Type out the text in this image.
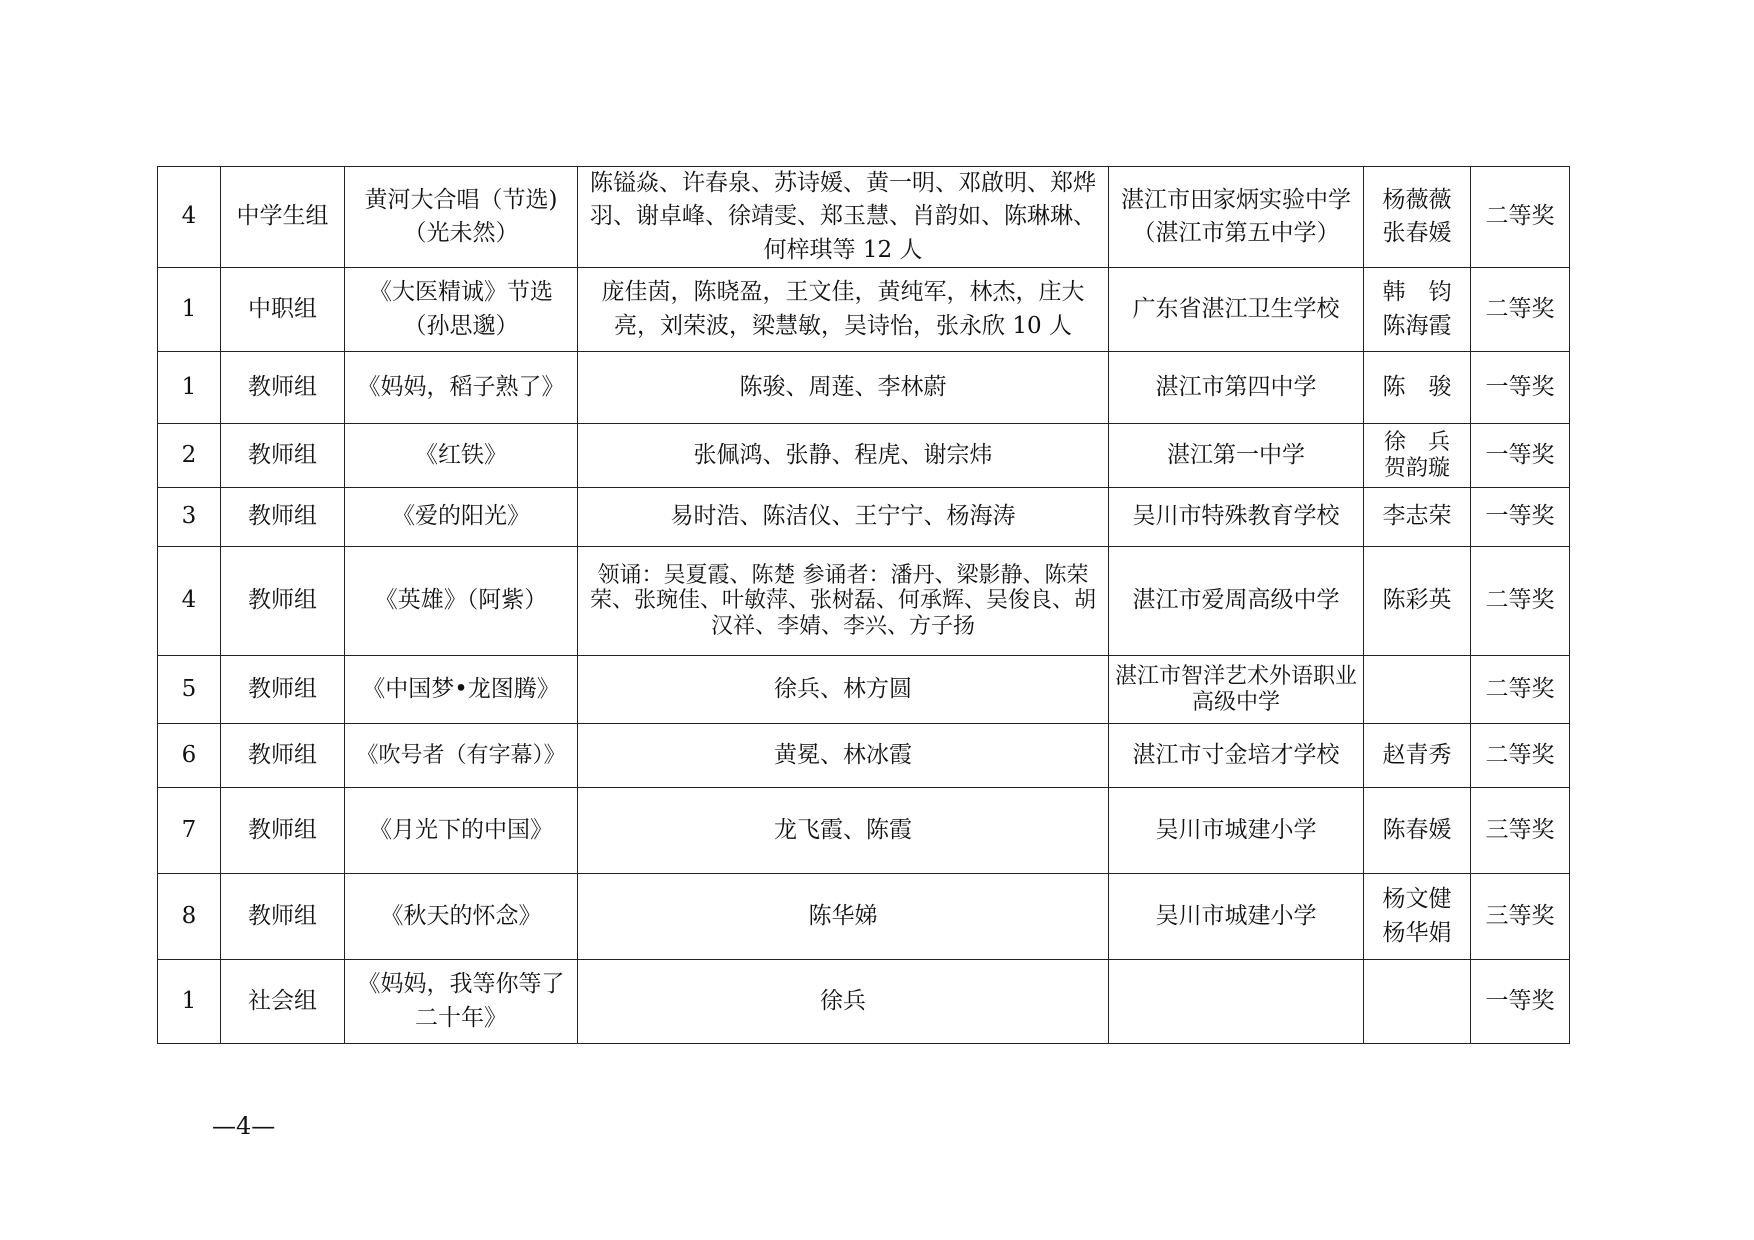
4	中学生组	黄河大合唱（节选)（光未然）	陈镒焱、许春泉、苏诗媛、黄一明、邓啟明、郑烨羽、谢卓峰、徐靖雯、郑玉慧、肖韵如、陈琳琳、何梓琪等 12 人	湛江市田家炳实验中学（湛江市第五中学）	杨薇薇 张春媛	二等奖
1	中职组	《大医精诚》节选（孙思邈）	庞佳茵，陈晓盈，王文佳，黄纯军，林杰，庄大亮，刘荣波，梁慧敏，吴诗怡，张永欣 10 人	广东省湛江卫生学校	韩　钧 陈海霞	二等奖
1	教师组	《妈妈，稻子熟了》	陈骏、周莲、李林蔚	湛江市第四中学	陈　骏	一等奖
2	教师组	《红铁》	张佩鸿、张静、程虎、谢宗炜	湛江第一中学	徐　兵 贺韵璇	一等奖
3	教师组	《爱的阳光》	易时浩、陈洁仪、王宁宁、杨海涛	吴川市特殊教育学校	李志荣	一等奖
4	教师组	《英雄》（阿紫）	领诵：吴夏霞、陈楚 参诵者：潘丹、梁影静、陈荣荣、张琬佳、叶敏萍、张树磊、何承辉、吴俊良、胡汉祥、李婧、李兴、方子扬	湛江市爱周高级中学	陈彩英	二等奖
5	教师组	《中国梦•龙图腾》	徐兵、林方圆	湛江市智洋艺术外语职业高级中学		二等奖
6	教师组	《吹号者（有字幕）》	黄冕、林冰霞	湛江市寸金培才学校	赵青秀	二等奖
7	教师组	《月光下的中国》	龙飞霞、陈霞	吴川市城建小学	陈春媛	三等奖
8	教师组	《秋天的怀念》	陈华娣	吴川市城建小学	杨文健 杨华娟	三等奖
1	社会组	《妈妈，我等你等了二十年》	徐兵			一等奖
—4—
